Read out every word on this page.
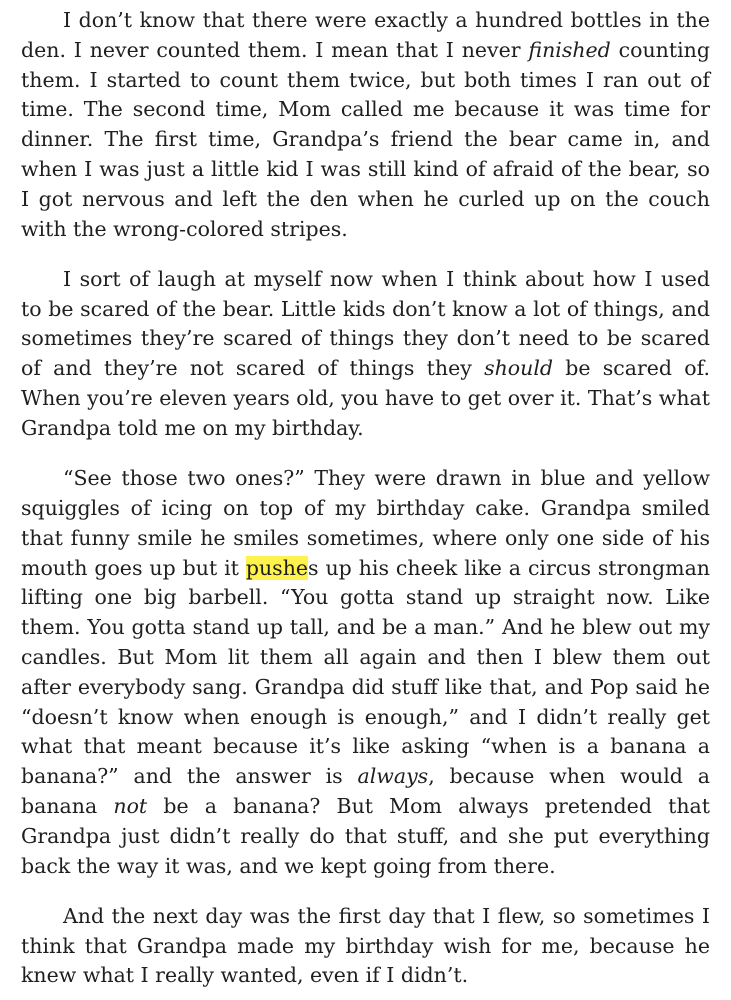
I don’t know that there were exactly a hundred bottles in the den. I never counted them. I mean that I never finished counting them. I started to count them twice, but both times I ran out of time. The second time, Mom called me because it was time for dinner. The first time, Grandpa’s friend the bear came in, and when I was just a little kid I was still kind of afraid of the bear, so I got nervous and left the den when he curled up on the couch with the wrong-colored stripes.

I sort of laugh at myself now when I think about how I used to be scared of the bear. Little kids don’t know a lot of things, and sometimes they’re scared of things they don’t need to be scared of and they’re not scared of things they should be scared of. When you’re eleven years old, you have to get over it. That’s what Grandpa told me on my birthday.

“See those two ones?” They were drawn in blue and yellow squiggles of icing on top of my birthday cake. Grandpa smiled that funny smile he smiles sometimes, where only one side of his mouth goes up but it pushes up his cheek like a circus strongman lifting one big barbell. “You gotta stand up straight now. Like them. You gotta stand up tall, and be a man.” And he blew out my candles. But Mom lit them all again and then I blew them out after everybody sang. Grandpa did stuff like that, and Pop said he “doesn’t know when enough is enough,” and I didn’t really get what that meant because it’s like asking “when is a banana a banana?” and the answer is always, because when would a banana not be a banana? But Mom always pretended that Grandpa just didn’t really do that stuff, and she put everything back the way it was, and we kept going from there.

And the next day was the first day that I flew, so sometimes I think that Grandpa made my birthday wish for me, because he knew what I really wanted, even if I didn’t.
